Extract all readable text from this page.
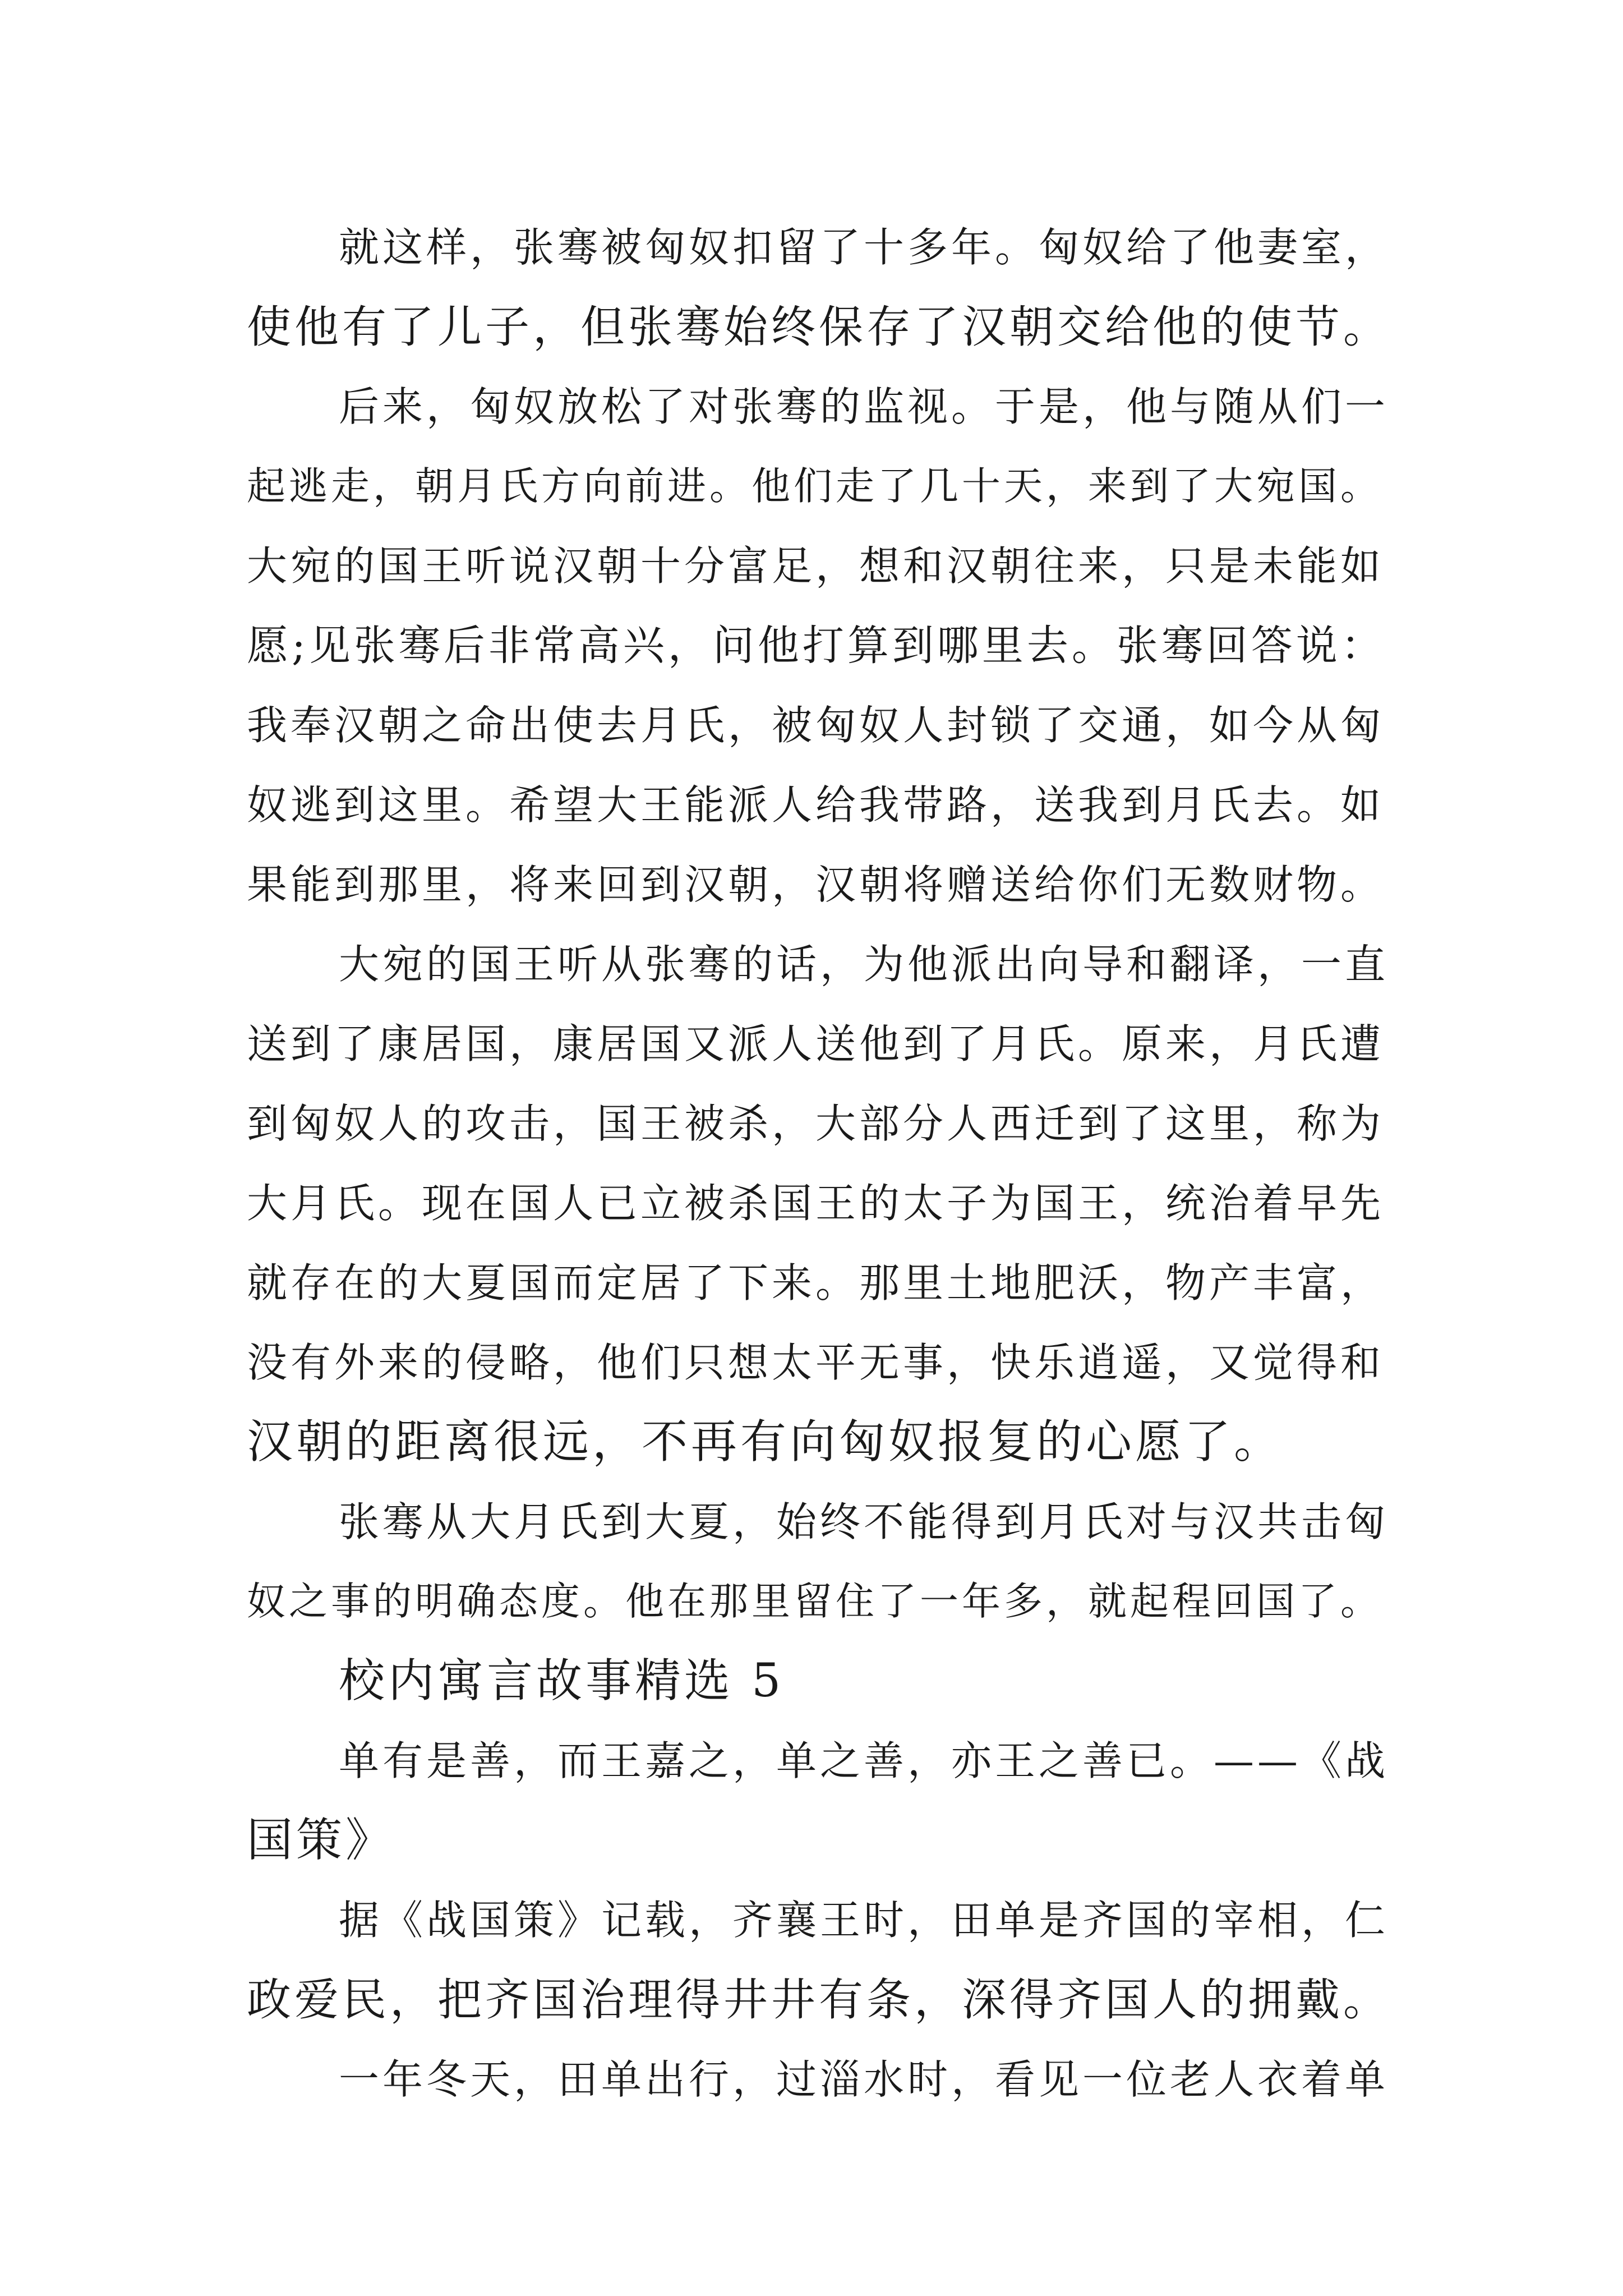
就这样，张骞被匈奴扣留了十多年。匈奴给了他妻室，
使他有了儿子，但张骞始终保存了汉朝交给他的使节。
后来，匈奴放松了对张骞的监视。于是，他与随从们一
起逃走，朝月氏方向前进。他们走了几十天，来到了大宛国。
大宛的国王听说汉朝十分富足，想和汉朝往来，只是未能如
愿;见张骞后非常高兴，问他打算到哪里去。张骞回答说：
我奉汉朝之命出使去月氏，被匈奴人封锁了交通，如今从匈
奴逃到这里。希望大王能派人给我带路，送我到月氏去。如
果能到那里，将来回到汉朝，汉朝将赠送给你们无数财物。
大宛的国王听从张骞的话，为他派出向导和翻译，一直
送到了康居国，康居国又派人送他到了月氏。原来，月氏遭
到匈奴人的攻击，国王被杀，大部分人西迁到了这里，称为
大月氏。现在国人已立被杀国王的太子为国王，统治着早先
就存在的大夏国而定居了下来。那里土地肥沃，物产丰富，
没有外来的侵略，他们只想太平无事，快乐逍遥，又觉得和
汉朝的距离很远，不再有向匈奴报复的心愿了。
张骞从大月氏到大夏，始终不能得到月氏对与汉共击匈
奴之事的明确态度。他在那里留住了一年多，就起程回国了。
校内寓言故事精选 5
单有是善，而王嘉之，单之善，亦王之善已。——《战
国策》
据《战国策》记载，齐襄王时，田单是齐国的宰相，仁
政爱民，把齐国治理得井井有条，深得齐国人的拥戴。
一年冬天，田单出行，过淄水时，看见一位老人衣着单
